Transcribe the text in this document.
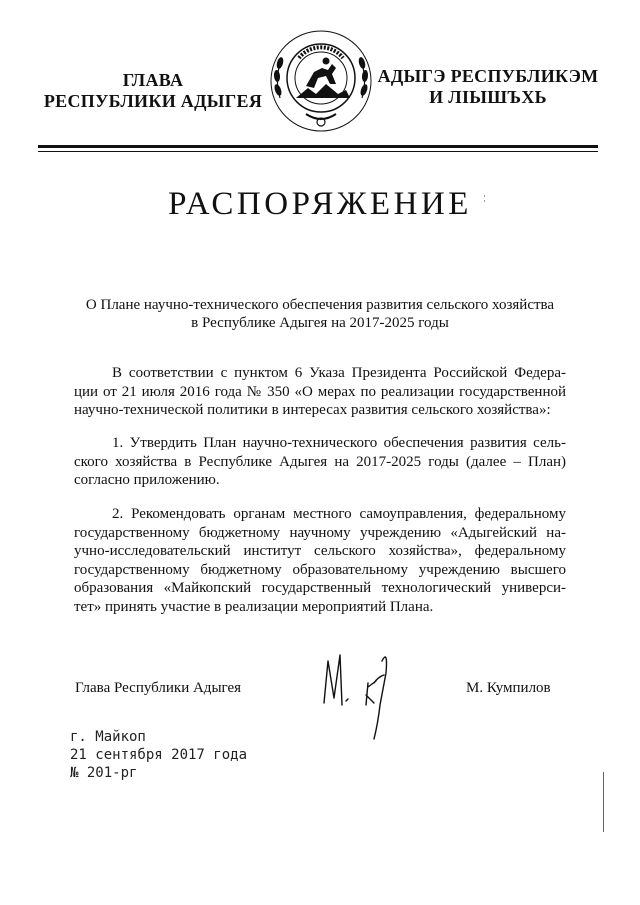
ГЛАВА
РЕСПУБЛИКИ АДЫГЕЯ
АДЫГЭ РЕСПУБЛИКЭМ
И ЛІЫШЪХЬ
РАСПОРЯЖЕНИЕ
О Плане научно-технического обеспечения развития сельского хозяйства
в Республике Адыгея на 2017-2025 годы
В соответствии с пунктом 6 Указа Президента Российской Федера-
ции от 21 июля 2016 года № 350 «О мерах по реализации государственной
научно-технической политики в интересах развития сельского хозяйства»:
1. Утвердить План научно-технического обеспечения развития сель-
ского хозяйства в Республике Адыгея на 2017-2025 годы (далее – План)
согласно приложению.
2. Рекомендовать органам местного самоуправления, федеральному
государственному бюджетному научному учреждению «Адыгейский на-
учно-исследовательский институт сельского хозяйства», федеральному
государственному бюджетному образовательному учреждению высшего
образования «Майкопский государственный технологический универси-
тет» принять участие в реализации мероприятий Плана.
Глава Республики Адыгея	М. Кумпилов
г. Майкоп
21 сентября 2017 года
№ 201-рг
